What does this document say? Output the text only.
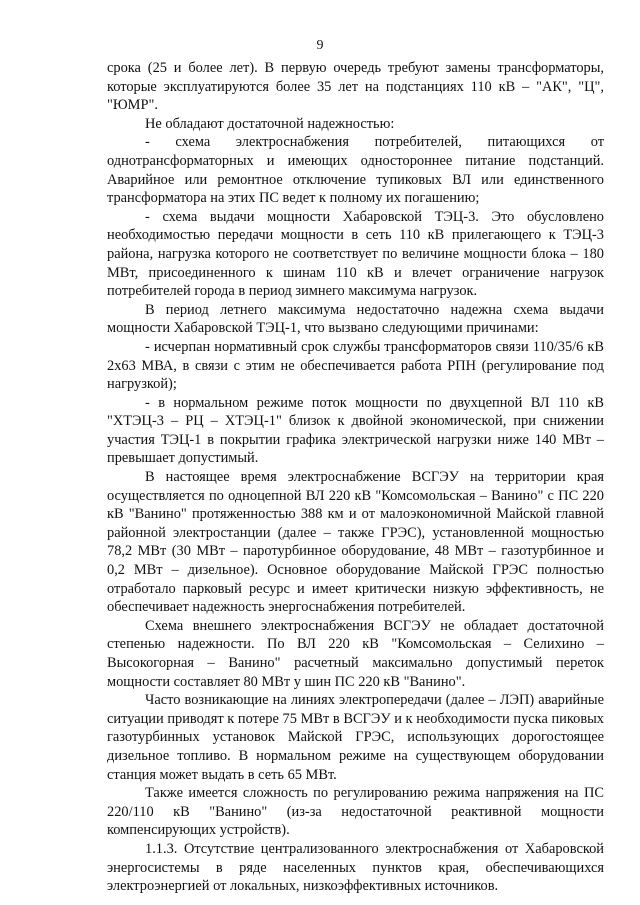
9

срока (25 и более лет). В первую очередь требуют замены трансформаторы, которые эксплуатируются более 35 лет на подстанциях 110 кВ – "АК", "Ц", "ЮМР".

Не обладают достаточной надежностью:

- схема электроснабжения потребителей, питающихся от однотрансформаторных и имеющих одностороннее питание подстанций. Аварийное или ремонтное отключение тупиковых ВЛ или единственного трансформатора на этих ПС ведет к полному их погашению;

- схема выдачи мощности Хабаровской ТЭЦ-3. Это обусловлено необходимостью передачи мощности в сеть 110 кВ прилегающего к ТЭЦ-3 района, нагрузка которого не соответствует по величине мощности блока – 180 МВт, присоединенного к шинам 110 кВ и влечет ограничение нагрузок потребителей города в период зимнего максимума нагрузок.

В период летнего максимума недостаточно надежна схема выдачи мощности Хабаровской ТЭЦ-1, что вызвано следующими причинами:

- исчерпан нормативный срок службы трансформаторов связи 110/35/6 кВ 2х63 МВА, в связи с этим не обеспечивается работа РПН (регулирование под нагрузкой);

- в нормальном режиме поток мощности по двухцепной ВЛ 110 кВ "ХТЭЦ-3 – РЦ – ХТЭЦ-1" близок к двойной экономической, при снижении участия ТЭЦ-1 в покрытии графика электрической нагрузки ниже 140 МВт – превышает допустимый.

В настоящее время электроснабжение ВСГЭУ на территории края осуществляется по одноцепной ВЛ 220 кВ "Комсомольская – Ванино" с ПС 220 кВ "Ванино" протяженностью 388 км и от малоэкономичной Майской главной районной электростанции (далее – также ГРЭС), установленной мощностью 78,2 МВт (30 МВт – паротурбинное оборудование, 48 МВт – газотурбинное и 0,2 МВт – дизельное). Основное оборудование Майской ГРЭС полностью отработало парковый ресурс и имеет критически низкую эффективность, не обеспечивает надежность энергоснабжения потребителей.

Схема внешнего электроснабжения ВСГЭУ не обладает достаточной степенью надежности. По ВЛ 220 кВ "Комсомольская – Селихино – Высокогорная – Ванино" расчетный максимально допустимый переток мощности составляет 80 МВт у шин ПС 220 кВ "Ванино".

Часто возникающие на линиях электропередачи (далее – ЛЭП) аварийные ситуации приводят к потере 75 МВт в ВСГЭУ и к необходимости пуска пиковых газотурбинных установок Майской ГРЭС, использующих дорогостоящее дизельное топливо. В нормальном режиме на существующем оборудовании станция может выдать в сеть 65 МВт.

Также имеется сложность по регулированию режима напряжения на ПС 220/110 кВ "Ванино" (из-за недостаточной реактивной мощности компенсирующих устройств).

1.1.3. Отсутствие централизованного электроснабжения от Хабаровской энергосистемы в ряде населенных пунктов края, обеспечивающихся электроэнергией от локальных, низкоэффективных источников.
